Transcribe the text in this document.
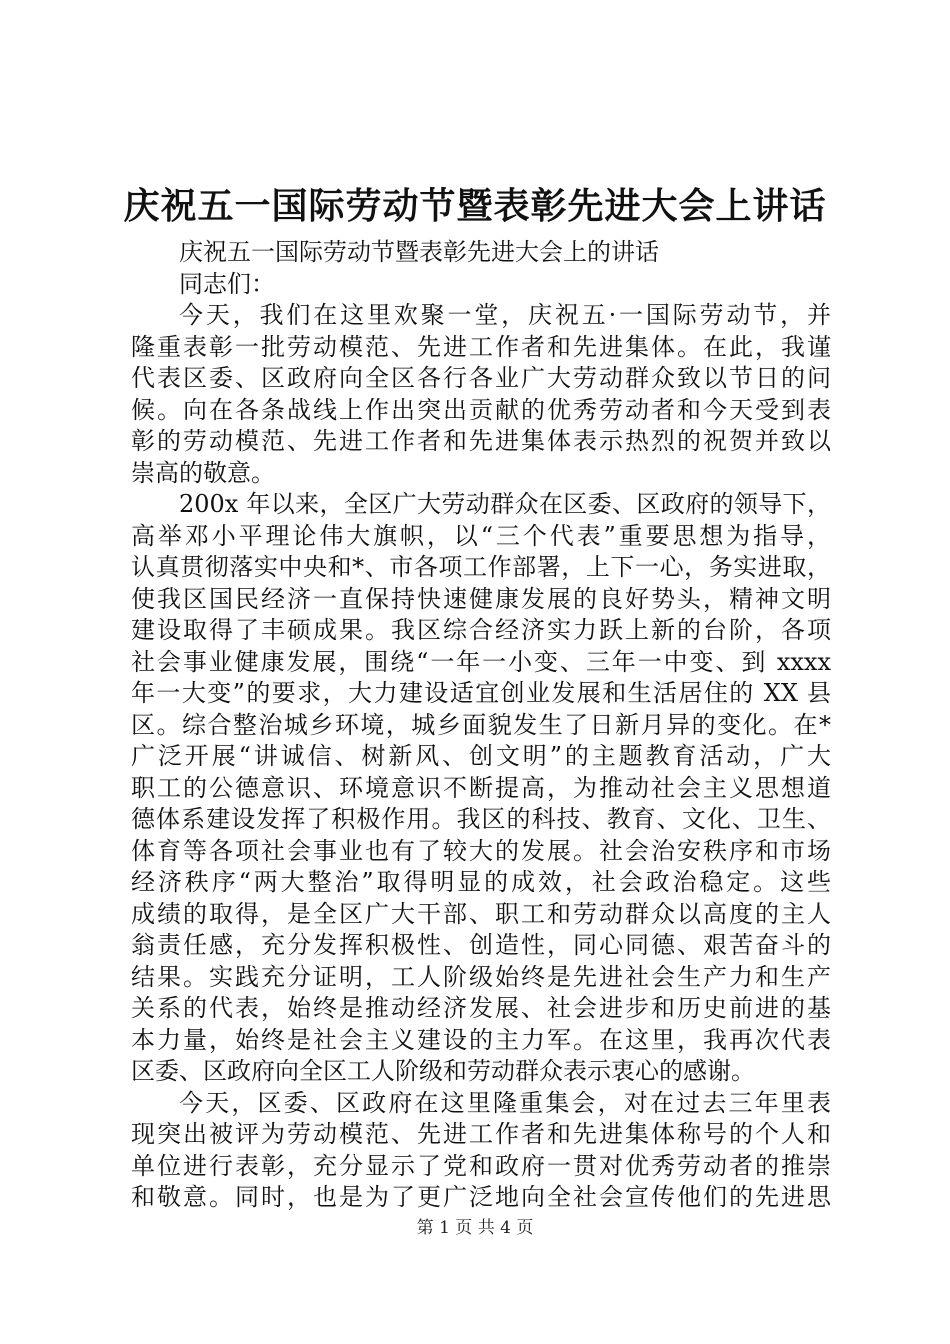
庆祝五一国际劳动节暨表彰先进大会上讲话
庆祝五一国际劳动节暨表彰先进大会上的讲话
同志们：
今天，我们在这里欢聚一堂，庆祝五·一国际劳动节，并
隆重表彰一批劳动模范、先进工作者和先进集体。在此，我谨
代表区委、区政府向全区各行各业广大劳动群众致以节日的问
候。向在各条战线上作出突出贡献的优秀劳动者和今天受到表
彰的劳动模范、先进工作者和先进集体表示热烈的祝贺并致以
崇高的敬意。
200x 年以来，全区广大劳动群众在区委、区政府的领导下，
高举邓小平理论伟大旗帜，以“三个代表”重要思想为指导，
认真贯彻落实中央和*、市各项工作部署，上下一心，务实进取，
使我区国民经济一直保持快速健康发展的良好势头，精神文明
建设取得了丰硕成果。我区综合经济实力跃上新的台阶，各项
社会事业健康发展，围绕“一年一小变、三年一中变、到 xxxx
年一大变”的要求，大力建设适宜创业发展和生活居住的 XX 县
区。综合整治城乡环境，城乡面貌发生了日新月异的变化。在*
广泛开展“讲诚信、树新风、创文明”的主题教育活动，广大
职工的公德意识、环境意识不断提高，为推动社会主义思想道
德体系建设发挥了积极作用。我区的科技、教育、文化、卫生、
体育等各项社会事业也有了较大的发展。社会治安秩序和市场
经济秩序“两大整治”取得明显的成效，社会政治稳定。这些
成绩的取得，是全区广大干部、职工和劳动群众以高度的主人
翁责任感，充分发挥积极性、创造性，同心同德、艰苦奋斗的
结果。实践充分证明，工人阶级始终是先进社会生产力和生产
关系的代表，始终是推动经济发展、社会进步和历史前进的基
本力量，始终是社会主义建设的主力军。在这里，我再次代表
区委、区政府向全区工人阶级和劳动群众表示衷心的感谢。
今天，区委、区政府在这里隆重集会，对在过去三年里表
现突出被评为劳动模范、先进工作者和先进集体称号的个人和
单位进行表彰，充分显示了党和政府一贯对优秀劳动者的推崇
和敬意。同时，也是为了更广泛地向全社会宣传他们的先进思
第 1 页 共 4 页
